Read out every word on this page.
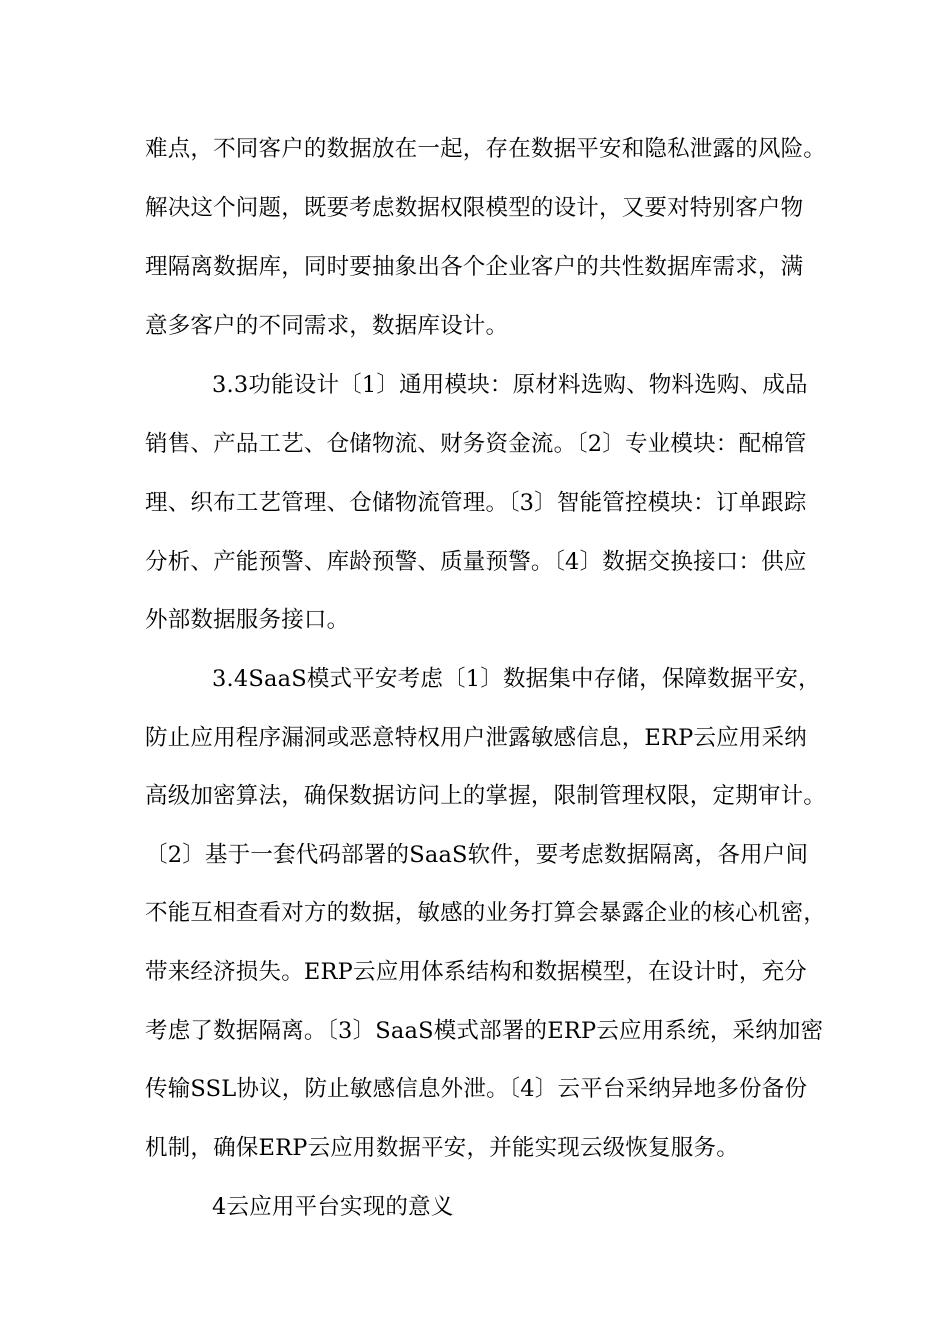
难点，不同客户的数据放在一起，存在数据平安和隐私泄露的风险。
解决这个问题，既要考虑数据权限模型的设计，又要对特别客户物
理隔离数据库，同时要抽象出各个企业客户的共性数据库需求，满
意多客户的不同需求，数据库设计。
3.3功能设计〔1〕通用模块：原材料选购、物料选购、成品
销售、产品工艺、仓储物流、财务资金流。〔2〕专业模块：配棉管
理、织布工艺管理、仓储物流管理。〔3〕智能管控模块：订单跟踪
分析、产能预警、库龄预警、质量预警。〔4〕数据交换接口：供应
外部数据服务接口。
3.4SaaS模式平安考虑〔1〕数据集中存储，保障数据平安，
防止应用程序漏洞或恶意特权用户泄露敏感信息，ERP云应用采纳
高级加密算法，确保数据访问上的掌握，限制管理权限，定期审计。
〔2〕基于一套代码部署的SaaS软件，要考虑数据隔离，各用户间
不能互相查看对方的数据，敏感的业务打算会暴露企业的核心机密，
带来经济损失。ERP云应用体系结构和数据模型，在设计时，充分
考虑了数据隔离。〔3〕SaaS模式部署的ERP云应用系统，采纳加密
传输SSL协议，防止敏感信息外泄。〔4〕云平台采纳异地多份备份
机制，确保ERP云应用数据平安，并能实现云级恢复服务。
4云应用平台实现的意义
